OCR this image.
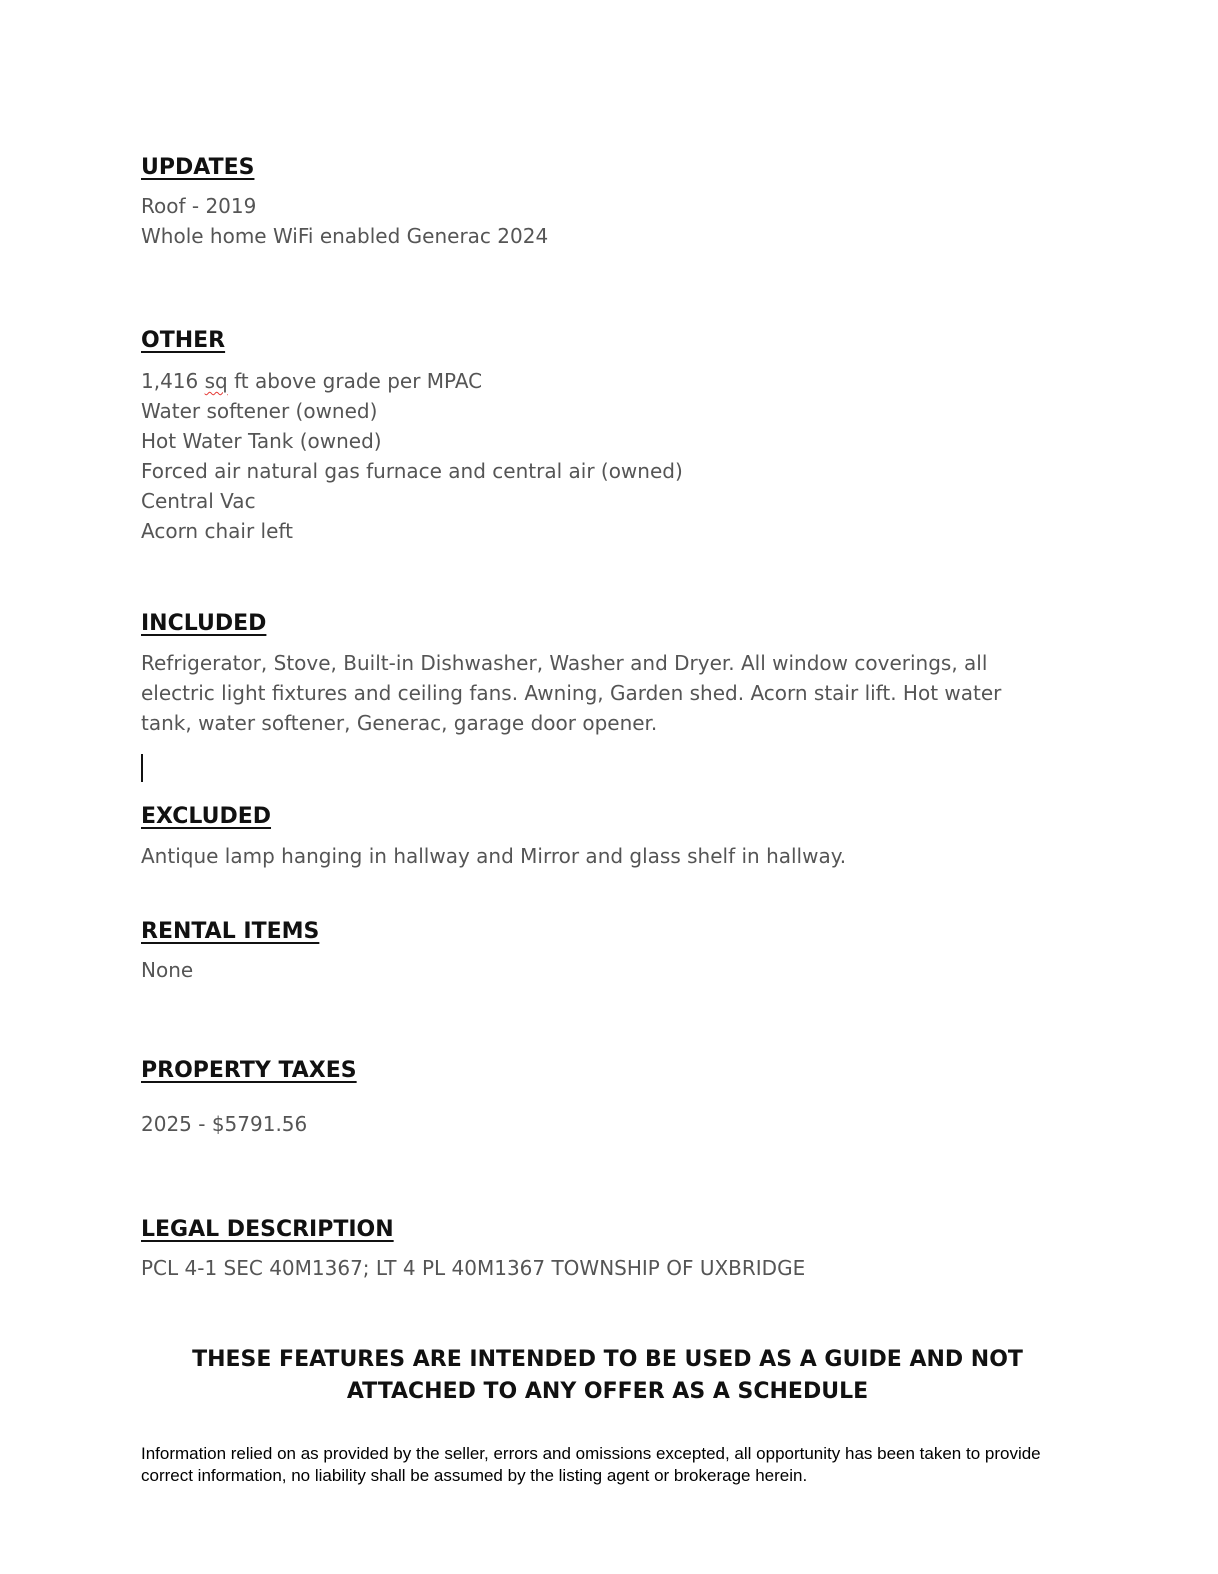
UPDATES
Roof - 2019
Whole home WiFi enabled Generac 2024
OTHER
1,416 sq ft above grade per MPAC
Water softener (owned)
Hot Water Tank (owned)
Forced air natural gas furnace and central air (owned)
Central Vac
Acorn chair left
INCLUDED

Refrigerator, Stove, Built-in Dishwasher, Washer and Dryer. All window coverings, all electric light fixtures and ceiling fans. Awning, Garden shed. Acorn stair lift. Hot water tank, water softener, Generac, garage door opener.

EXCLUDED

Antique lamp hanging in hallway and Mirror and glass shelf in hallway.

RENTAL ITEMS

None

PROPERTY TAXES

2025 - $5791.56

LEGAL DESCRIPTION

PCL 4-1 SEC 40M1367; LT 4 PL 40M1367 TOWNSHIP OF UXBRIDGE

THESE FEATURES ARE INTENDED TO BE USED AS A GUIDE AND NOT ATTACHED TO ANY OFFER AS A SCHEDULE

Information relied on as provided by the seller, errors and omissions excepted, all opportunity has been taken to provide correct information, no liability shall be assumed by the listing agent or brokerage herein.
